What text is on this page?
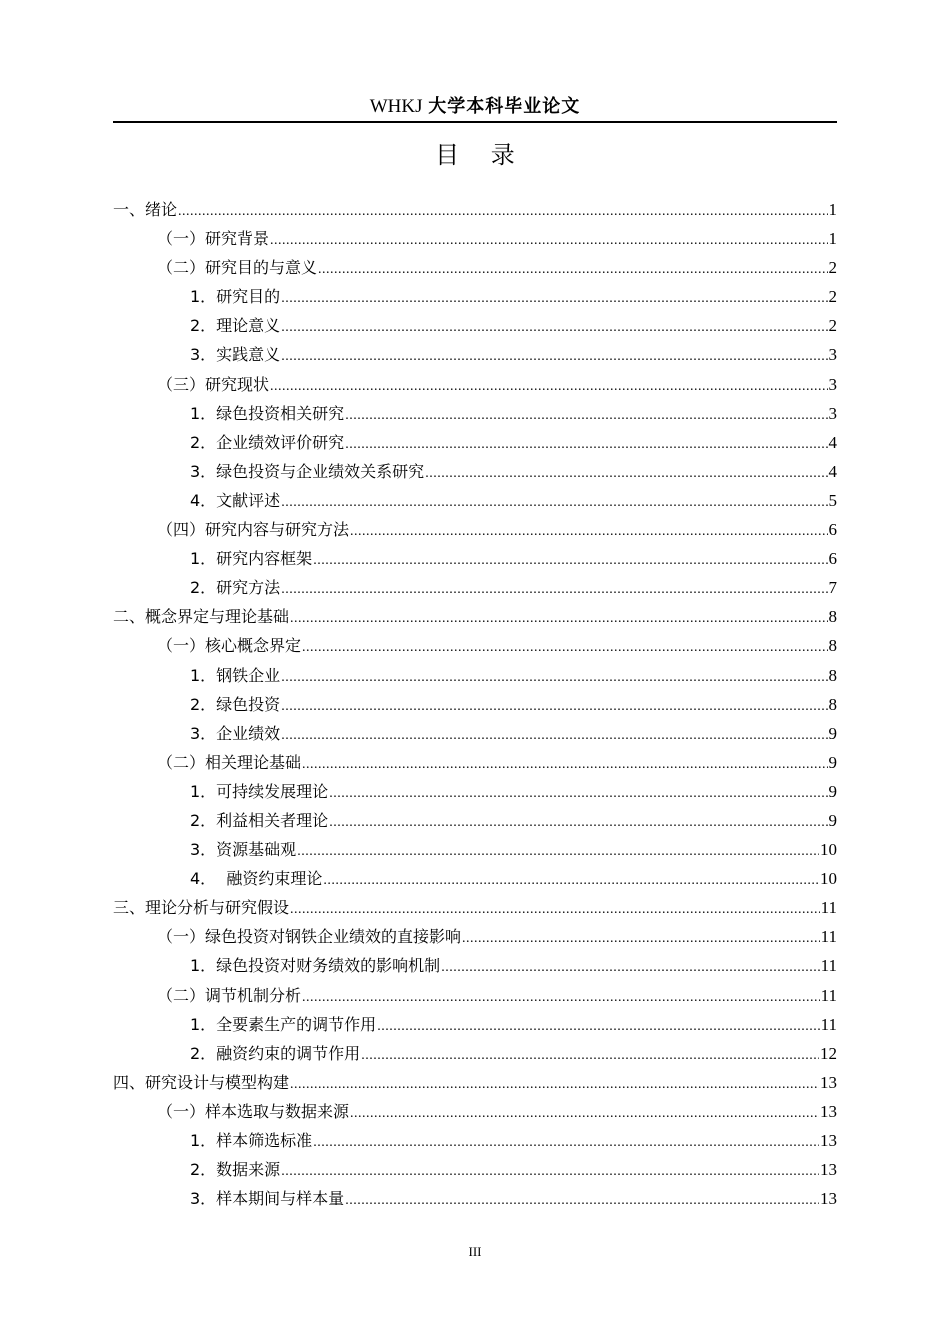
WHKJ 大学本科毕业论文
目 录
一、绪论 .....	1
（一）研究背景 .....	1
（二）研究目的与意义 .....	2
1．研究目的 .....	2
2．理论意义 .....	2
3．实践意义 .....	3
（三）研究现状 .....	3
1．绿色投资相关研究 .....	3
2．企业绩效评价研究 .....	4
3．绿色投资与企业绩效关系研究 .....	4
4．文献评述 .....	5
（四）研究内容与研究方法 .....	6
1．研究内容框架 .....	6
2．研究方法 .....	7
二、概念界定与理论基础 .....	8
（一）核心概念界定 .....	8
1．钢铁企业 .....	8
2．绿色投资 .....	8
3．企业绩效 .....	9
（二）相关理论基础 .....	9
1．可持续发展理论 .....	9
2．利益相关者理论 .....	9
3．资源基础观 .....	10
4．  融资约束理论 .....	10
三、理论分析与研究假设 .....	11
（一）绿色投资对钢铁企业绩效的直接影响 .....	11
1．绿色投资对财务绩效的影响机制 .....	11
（二）调节机制分析 .....	11
1．全要素生产的调节作用 .....	11
2．融资约束的调节作用 .....	12
四、研究设计与模型构建 .....	13
（一）样本选取与数据来源 .....	13
1．样本筛选标准 .....	13
2．数据来源 .....	13
3．样本期间与样本量 .....	13
III
